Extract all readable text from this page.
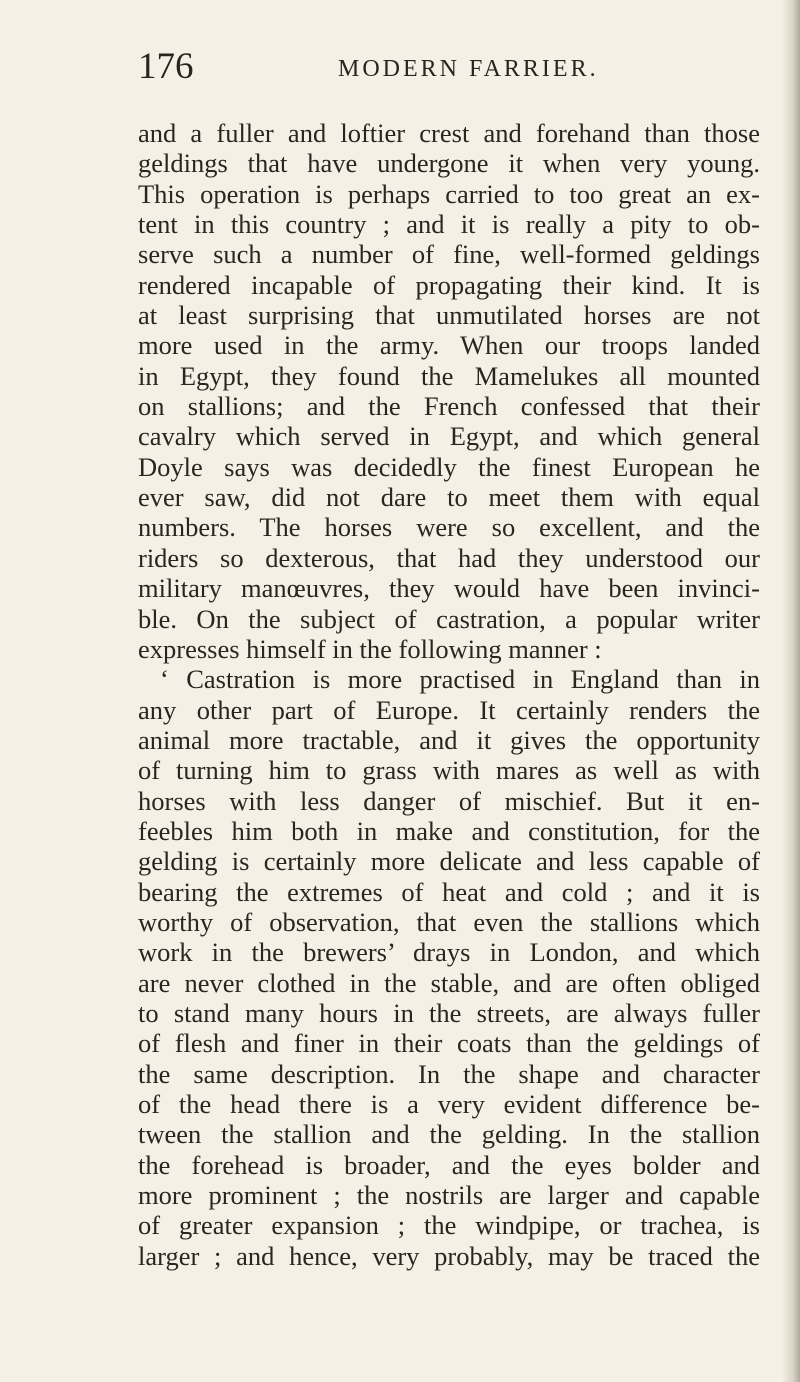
176	MODERN FARRIER.
and a fuller and loftier crest and forehand than those
geldings that have undergone it when very young.
This operation is perhaps carried to too great an ex-
tent in this country ; and it is really a pity to ob-
serve such a number of fine, well-formed geldings
rendered incapable of propagating their kind. It is
at least surprising that unmutilated horses are not
more used in the army. When our troops landed
in Egypt, they found the Mamelukes all mounted
on stallions; and the French confessed that their
cavalry which served in Egypt, and which general
Doyle says was decidedly the finest European he
ever saw, did not dare to meet them with equal
numbers. The horses were so excellent, and the
riders so dexterous, that had they understood our
military manœuvres, they would have been invinci-
ble. On the subject of castration, a popular writer
expresses himself in the following manner :
‘ Castration is more practised in England than in
any other part of Europe. It certainly renders the
animal more tractable, and it gives the opportunity
of turning him to grass with mares as well as with
horses with less danger of mischief. But it en-
feebles him both in make and constitution, for the
gelding is certainly more delicate and less capable of
bearing the extremes of heat and cold ; and it is
worthy of observation, that even the stallions which
work in the brewers’ drays in London, and which
are never clothed in the stable, and are often obliged
to stand many hours in the streets, are always fuller
of flesh and finer in their coats than the geldings of
the same description. In the shape and character
of the head there is a very evident difference be-
tween the stallion and the gelding. In the stallion
the forehead is broader, and the eyes bolder and
more prominent ; the nostrils are larger and capable
of greater expansion ; the windpipe, or trachea, is
larger ; and hence, very probably, may be traced the
